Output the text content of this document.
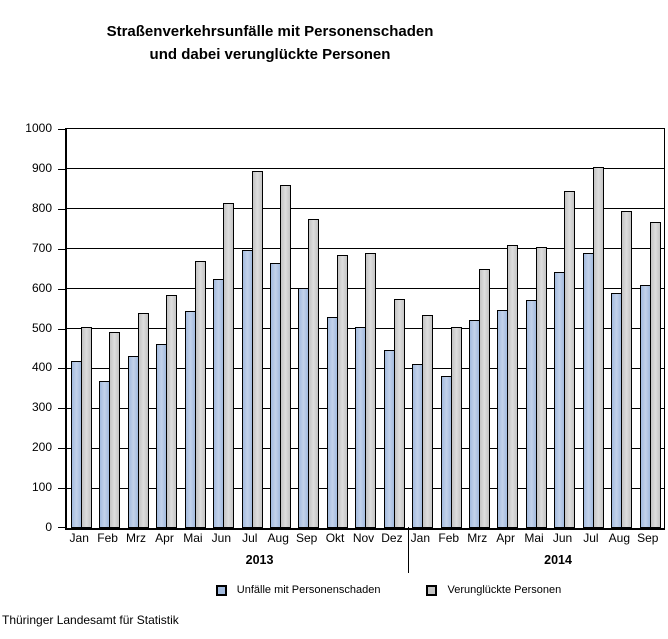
Straßenverkehrsunfälle mit Personenschaden
und dabei verunglückte Personen
0
100
200
300
400
500
600
700
800
900
1000
Jan Feb Mrz Apr Mai Jun Jul Aug Sep Okt Nov Dez Jan Feb Mrz Apr Mai Jun Jul Aug Sep
Unfälle mit Personenschaden	Verunglückte Personen
Thüringer Landesamt für Statistik
2013	2014
